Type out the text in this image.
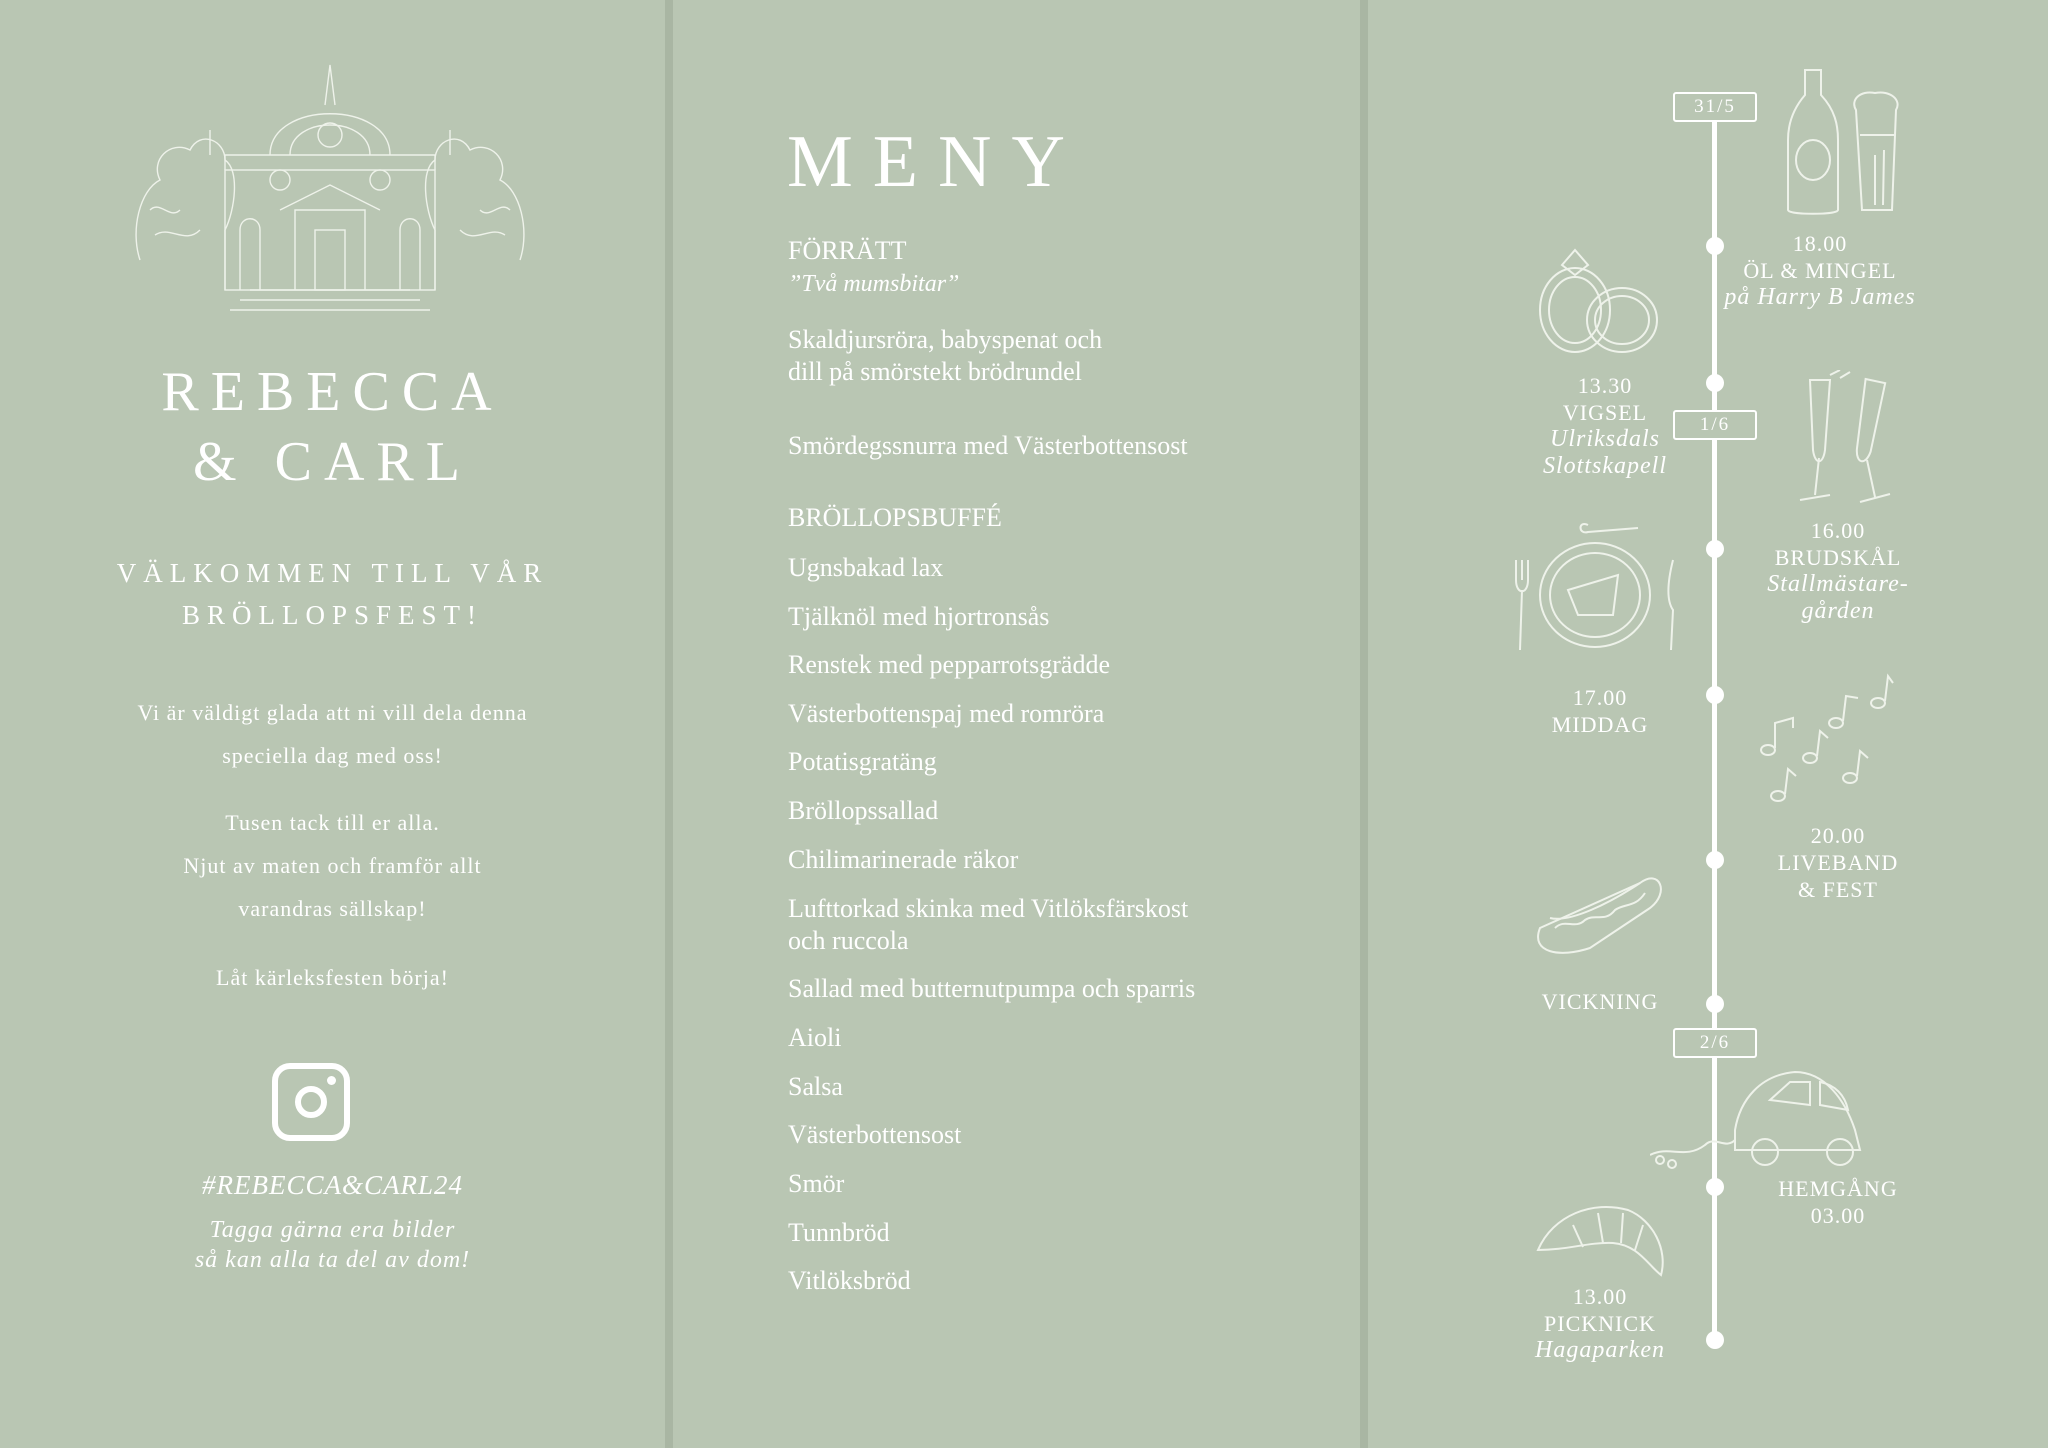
REBECCA
& CARL
VÄLKOMMEN TILL VÅR
BRÖLLOPSFEST!
Vi är väldigt glada att ni vill dela denna
speciella dag med oss!
Tusen tack till er alla.
Njut av maten och framför allt
varandras sällskap!
Låt kärleksfesten börja!
#REBECCA&CARL24
Tagga gärna era bilder
så kan alla ta del av dom!
MENY
FÖRRÄTT
”Två mumsbitar”
Skaldjursröra, babyspenat och
dill på smörstekt brödrundel
Smördegssnurra med Västerbottensost
BRÖLLOPSBUFFÉ
Ugnsbakad lax
Tjälknöl med hjortronsås
Renstek med pepparrotsgrädde
Västerbottenspaj med romröra
Potatisgratäng
Bröllopssallad
Chilimarinerade räkor
Lufttorkad skinka med Vitlöksfärskost
och ruccola
Sallad med butternutpumpa och sparris
Aioli
Salsa
Västerbottensost
Smör
Tunnbröd
Vitlöksbröd
31/5
1/6
2/6
18.00
ÖL & MINGEL
på Harry B James
13.30
VIGSEL
Ulriksdals
Slottskapell
16.00
BRUDSKÅL
Stallmästare-
gården
17.00
MIDDAG
20.00
LIVEBAND
& FEST
VICKNING
HEMGÅNG
03.00
13.00
PICKNICK
Hagaparken
